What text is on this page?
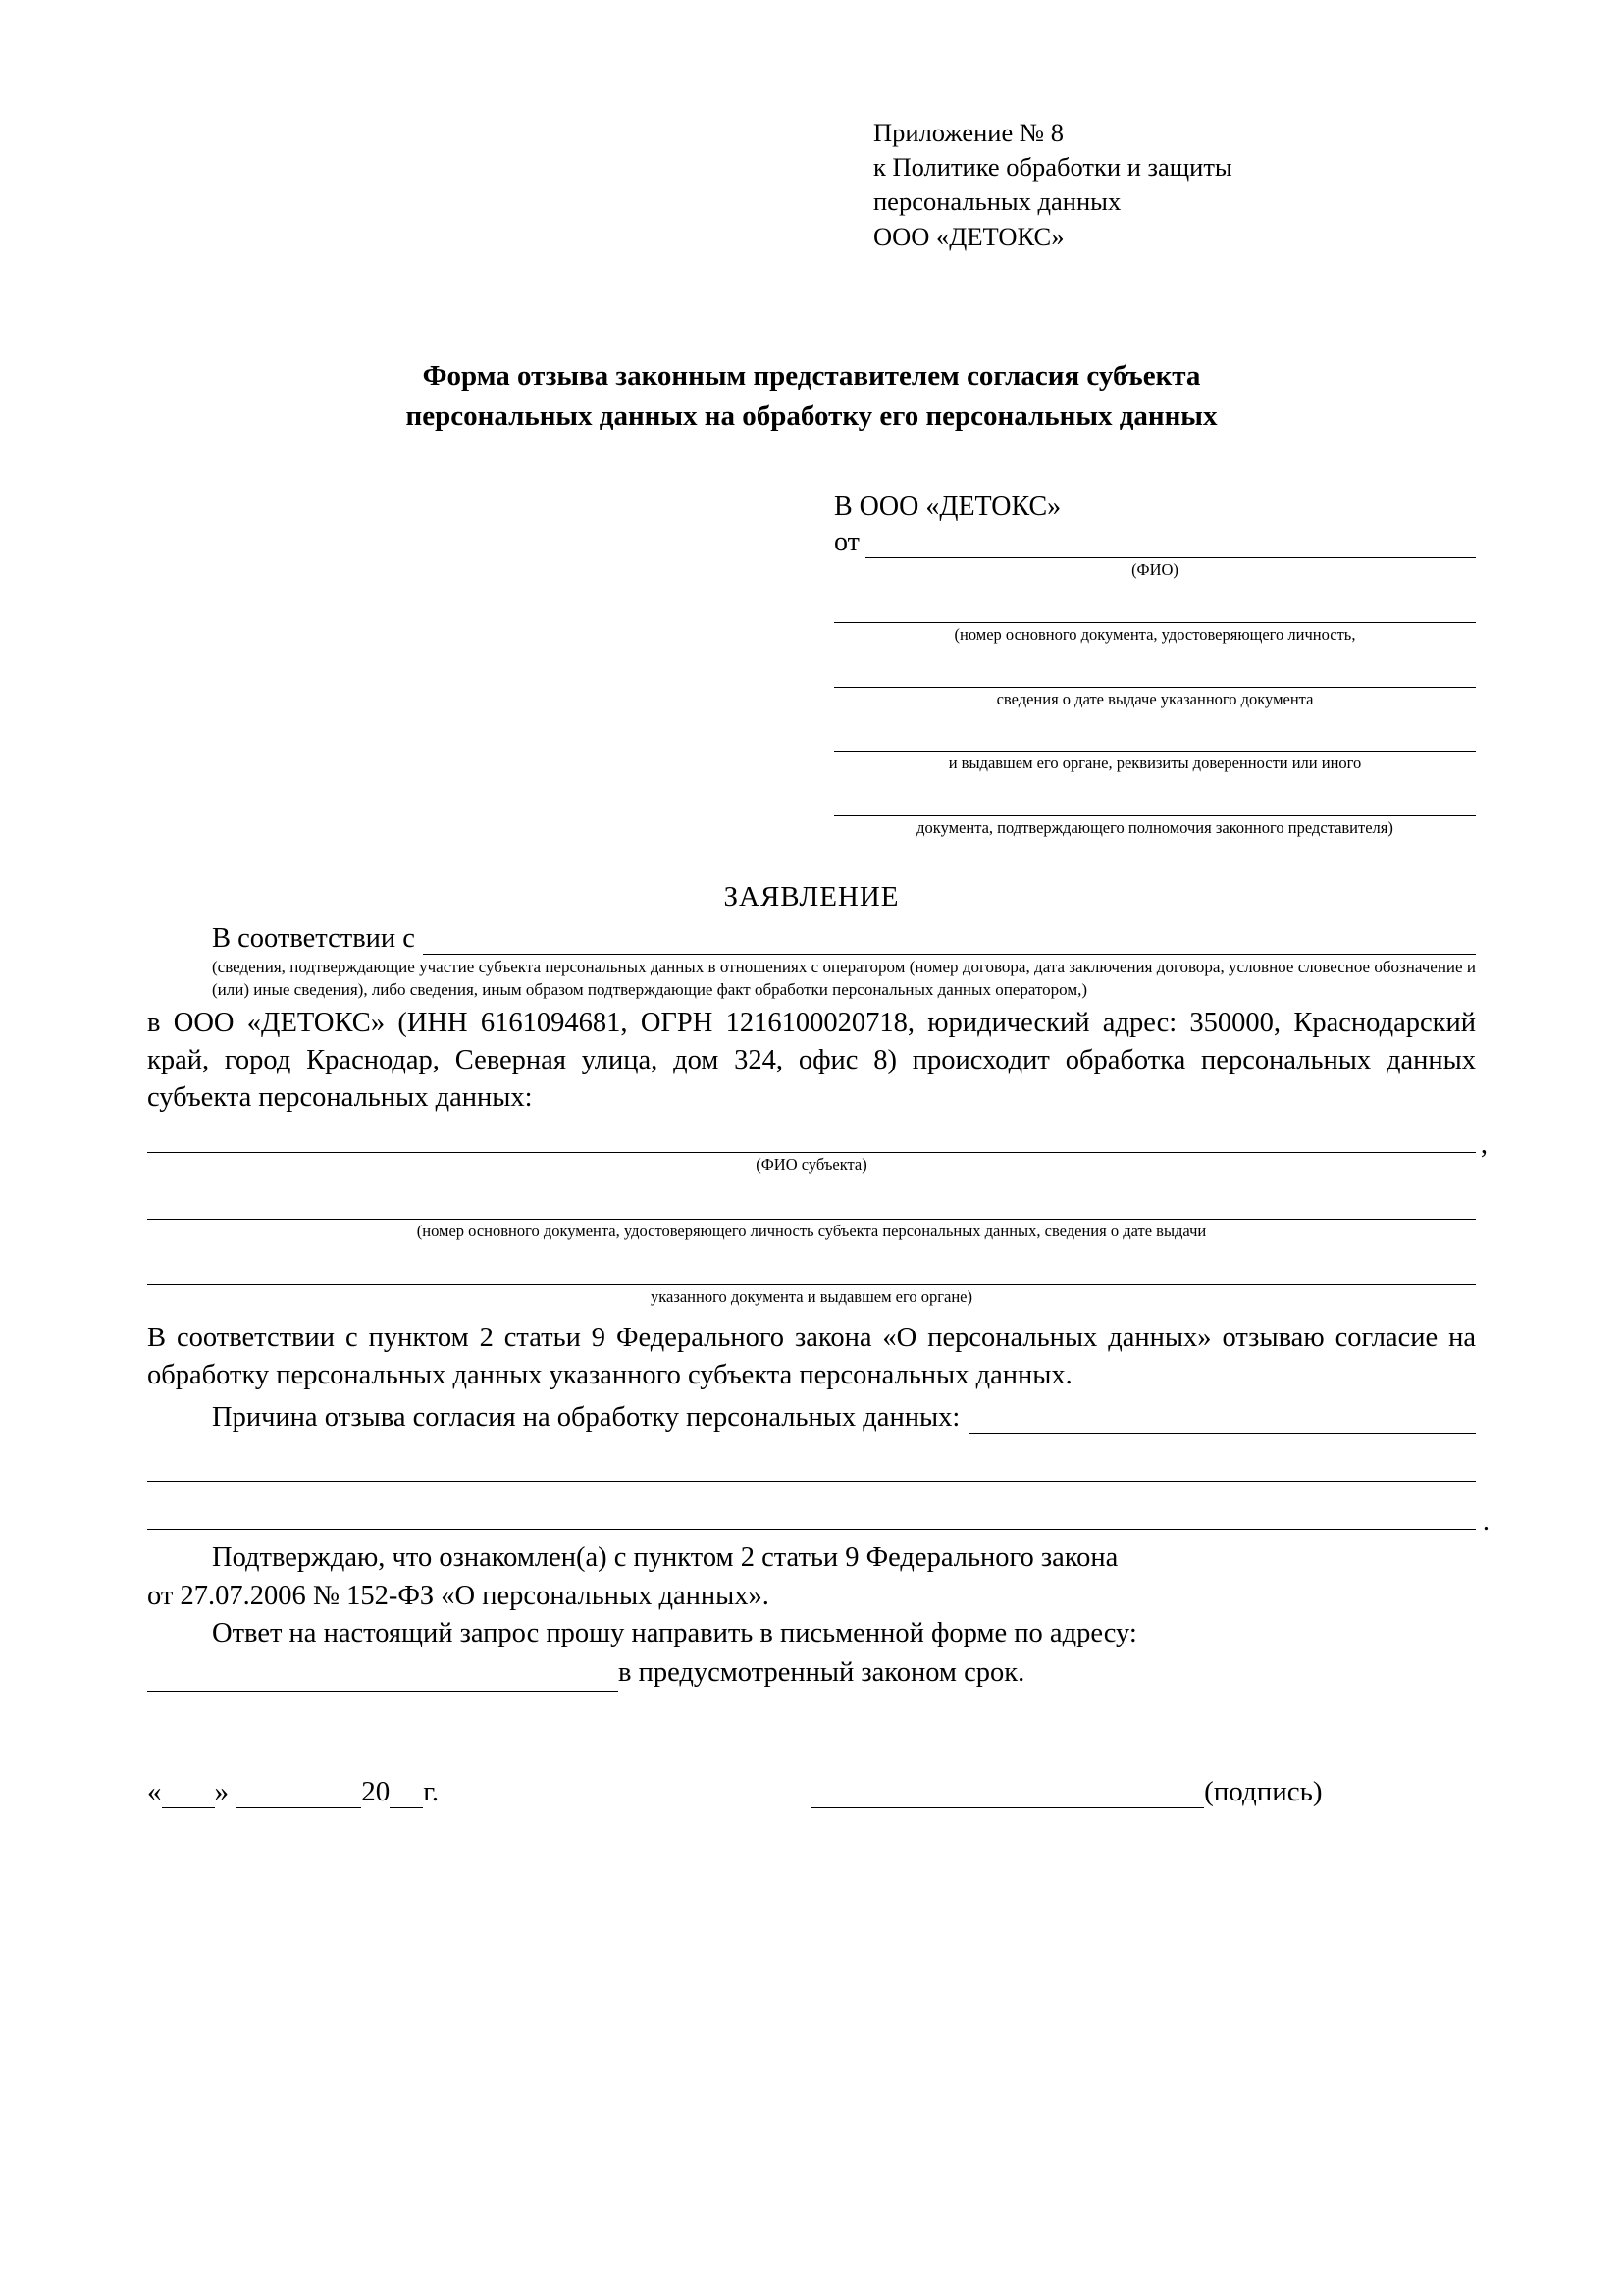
Приложение № 8
к Политике обработки и защиты
персональных данных
ООО «ДЕТОКС»
Форма отзыва законным представителем согласия субъекта
персональных данных на обработку его персональных данных
В ООО «ДЕТОКС»
от
(ФИО)
(номер основного документа, удостоверяющего личность,
сведения о дате выдаче указанного документа
и выдавшем его органе, реквизиты доверенности или иного
документа, подтверждающего полномочия законного представителя)
ЗАЯВЛЕНИЕ
В соответствии с
(сведения, подтверждающие участие субъекта персональных данных в отношениях с оператором (номер договора, дата заключения договора, условное словесное обозначение и (или) иные сведения), либо сведения, иным образом подтверждающие факт обработки персональных данных оператором,)
в ООО «ДЕТОКС» (ИНН 6161094681, ОГРН 1216100020718, юридический адрес: 350000, Краснодарский край, город Краснодар, Северная улица, дом 324, офис 8) происходит обработка персональных данных субъекта персональных данных:
,
(ФИО субъекта)
(номер основного документа, удостоверяющего личность субъекта персональных данных, сведения о дате выдачи
указанного документа и выдавшем его органе)
В соответствии с пунктом 2 статьи 9 Федерального закона «О персональных данных» отзываю согласие на обработку персональных данных указанного субъекта персональных данных.
Причина отзыва согласия на обработку персональных данных:
.
Подтверждаю, что ознакомлен(а) с пунктом 2 статьи 9 Федерального закона
от 27.07.2006 № 152-ФЗ «О персональных данных».
Ответ на настоящий запрос прошу направить в письменной форме по адресу:
в предусмотренный законом срок.
« »	20 г.	(подпись)
